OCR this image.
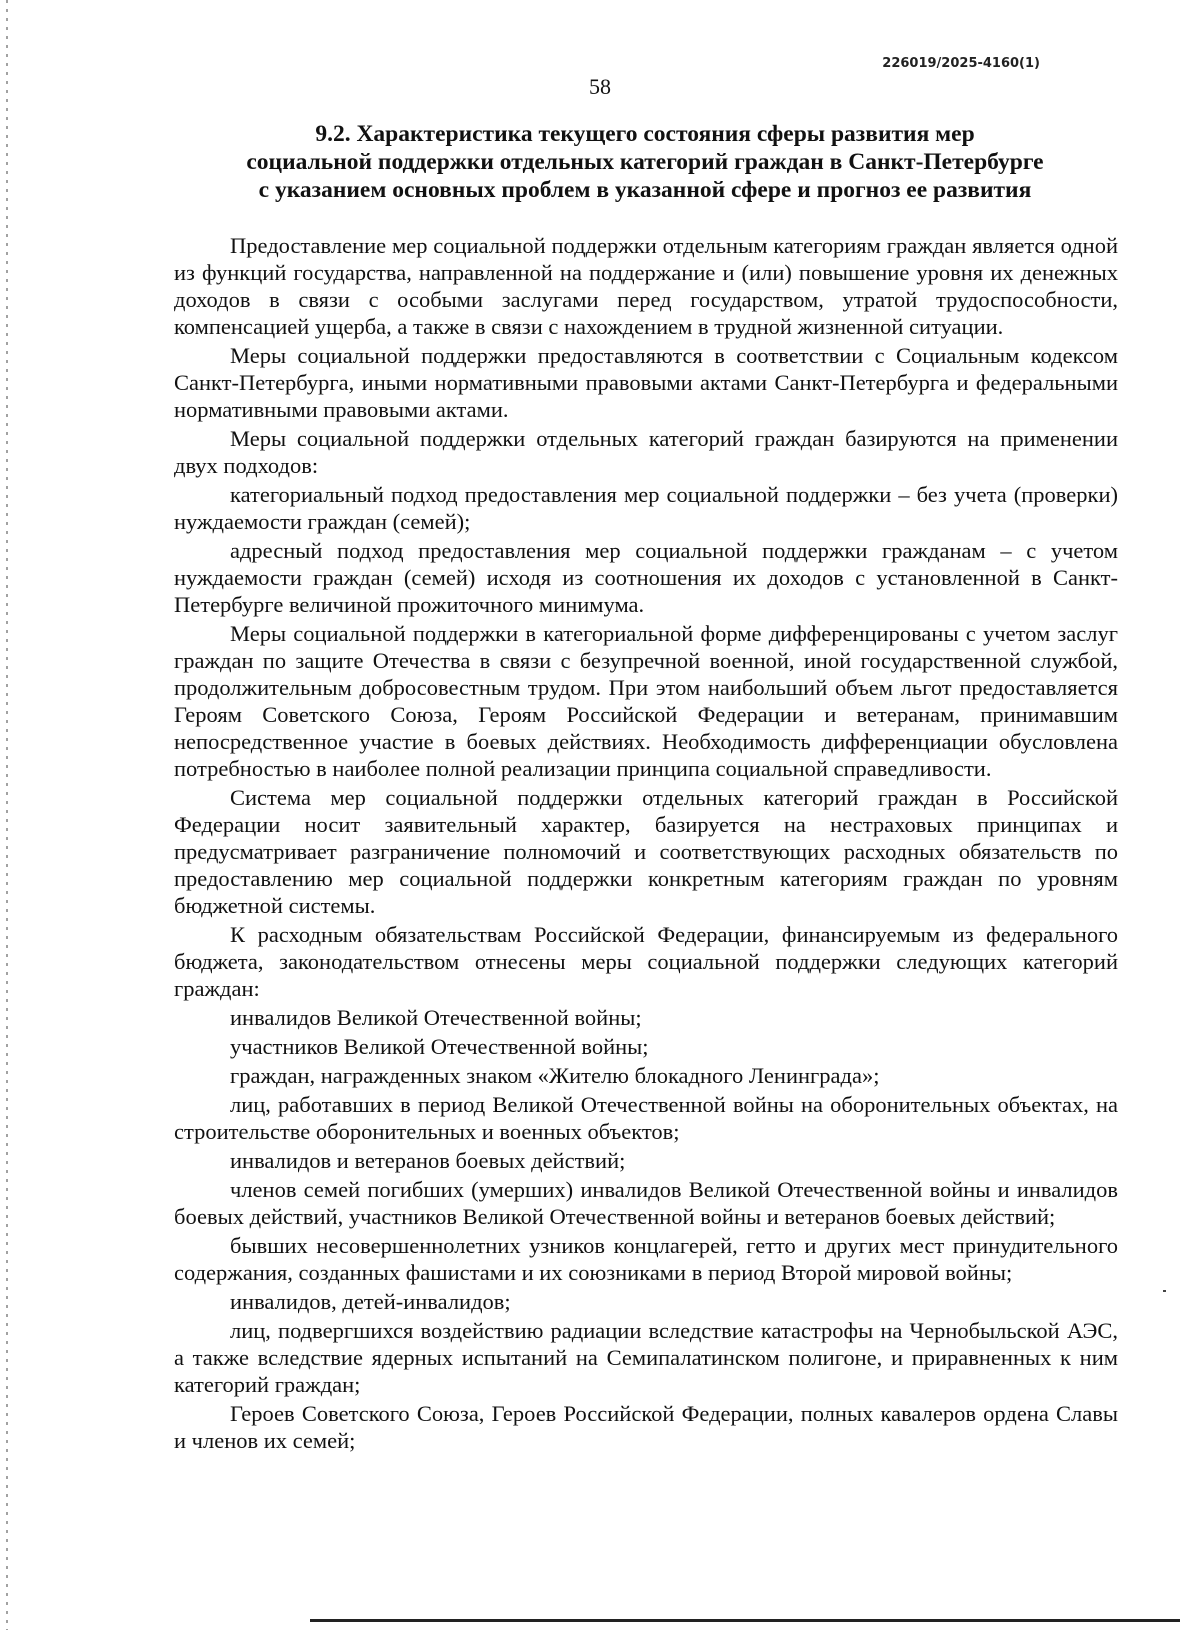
226019/2025-4160(1)
58
9.2. Характеристика текущего состояния сферы развития мер
социальной поддержки отдельных категорий граждан в Санкт-Петербурге
с указанием основных проблем в указанной сфере и прогноз ее развития

Предоставление мер социальной поддержки отдельным категориям граждан является одной из функций государства, направленной на поддержание и (или) повышение уровня их денежных доходов в связи с особыми заслугами перед государством, утратой трудоспособности, компенсацией ущерба, а также в связи с нахождением в трудной жизненной ситуации.

Меры социальной поддержки предоставляются в соответствии с Социальным кодексом Санкт-Петербурга, иными нормативными правовыми актами Санкт-Петербурга и федеральными нормативными правовыми актами.

Меры социальной поддержки отдельных категорий граждан базируются на применении двух подходов:

категориальный подход предоставления мер социальной поддержки – без учета (проверки) нуждаемости граждан (семей);

адресный подход предоставления мер социальной поддержки гражданам – с учетом нуждаемости граждан (семей) исходя из соотношения их доходов с установленной в Санкт-Петербурге величиной прожиточного минимума.

Меры социальной поддержки в категориальной форме дифференцированы с учетом заслуг граждан по защите Отечества в связи с безупречной военной, иной государственной службой, продолжительным добросовестным трудом. При этом наибольший объем льгот предоставляется Героям Советского Союза, Героям Российской Федерации и ветеранам, принимавшим непосредственное участие в боевых действиях. Необходимость дифференциации обусловлена потребностью в наиболее полной реализации принципа социальной справедливости.

Система мер социальной поддержки отдельных категорий граждан в Российской Федерации носит заявительный характер, базируется на нестраховых принципах и предусматривает разграничение полномочий и соответствующих расходных обязательств по предоставлению мер социальной поддержки конкретным категориям граждан по уровням бюджетной системы.

К расходным обязательствам Российской Федерации, финансируемым из федерального бюджета, законодательством отнесены меры социальной поддержки следующих категорий граждан:

инвалидов Великой Отечественной войны;

участников Великой Отечественной войны;

граждан, награжденных знаком «Жителю блокадного Ленинграда»;

лиц, работавших в период Великой Отечественной войны на оборонительных объектах, на строительстве оборонительных и военных объектов;

инвалидов и ветеранов боевых действий;

членов семей погибших (умерших) инвалидов Великой Отечественной войны и инвалидов боевых действий, участников Великой Отечественной войны и ветеранов боевых действий;

бывших несовершеннолетних узников концлагерей, гетто и других мест принудительного содержания, созданных фашистами и их союзниками в период Второй мировой войны;

инвалидов, детей-инвалидов;

лиц, подвергшихся воздействию радиации вследствие катастрофы на Чернобыльской АЭС, а также вследствие ядерных испытаний на Семипалатинском полигоне, и приравненных к ним категорий граждан;

Героев Советского Союза, Героев Российской Федерации, полных кавалеров ордена Славы и членов их семей;
